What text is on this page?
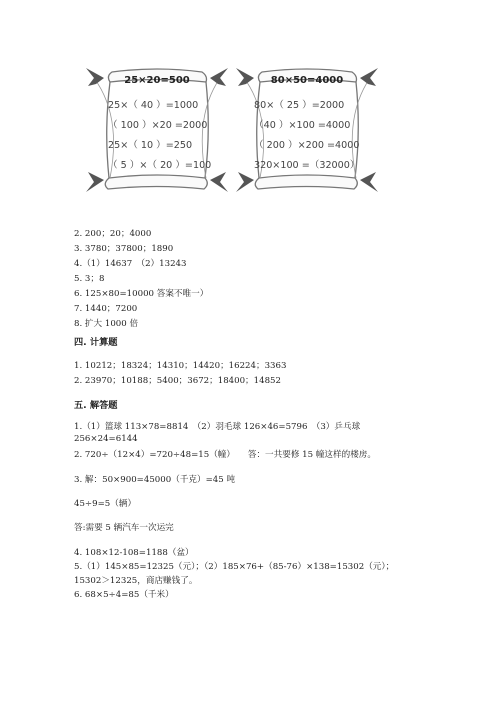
25×20=500
25×（ 40 ）=1000
（ 100 ）×20 =2000
25×（ 10 ）=250
（ 5 ）×（ 20 ）=100
80×50=4000
80×（ 25 ）=2000
（40 ）×100 =4000
（ 200 ）×200 =4000
320×100 =（32000）
2. 200；20；4000
3. 3780；37800；1890
4.（1）14637　（2）13243
5. 3；8
6. 125×80=10000 答案不唯一）
7. 1440；7200
8. 扩大 1000 倍
四. 计算题
1. 10212；18324；14310；14420；16224；3363
2. 23970；10188；5400；3672；18400；14852
五. 解答题
1.（1）篮球 113×78=8814　（2）羽毛球 126×46=5796　（3）乒乓球
256×24=6144
2. 720÷（12×4）=720÷48=15（幢）　　答：一共要修 15 幢这样的楼房。
3. 解：50×900=45000（千克）=45 吨
45÷9=5（辆）
答:需要 5 辆汽车一次运完
4. 108×12-108=1188（盆）
5.（1）145×85=12325（元）；（2）185×76+（85-76）×138=15302（元）；
15302＞12325，商店赚钱了。
6. 68×5÷4=85（千米）
